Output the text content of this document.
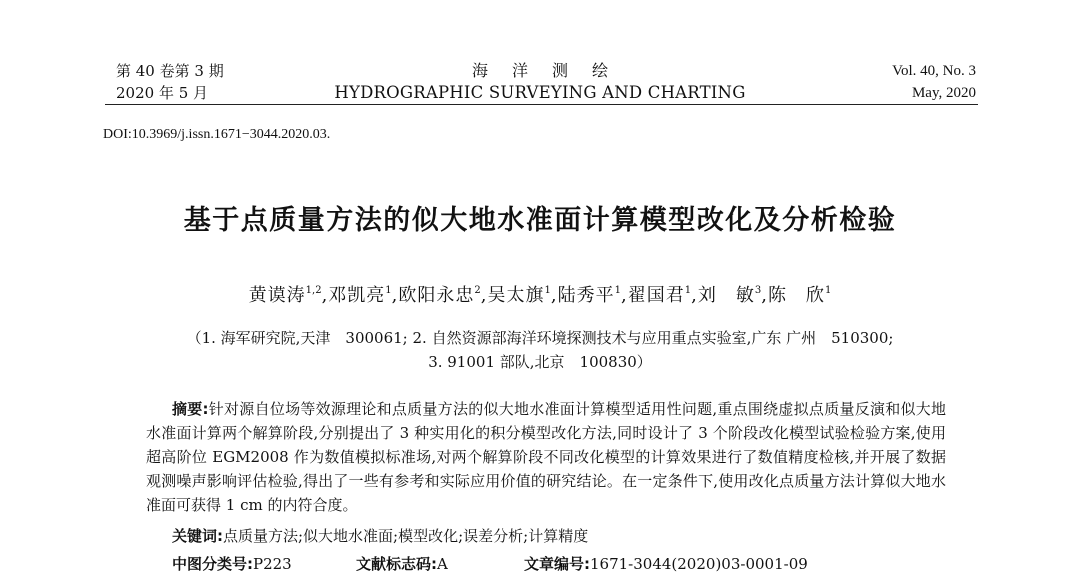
第 40 卷第 3 期
2020 年 5 月
海洋测绘
HYDROGRAPHIC SURVEYING AND CHARTING
Vol. 40, No. 3
May, 2020
DOI:10.3969/j.issn.1671−3044.2020.03.
基于点质量方法的似大地水准面计算模型改化及分析检验
黄谟涛$^{1,2}$,邓凯亮$^1$,欧阳永忠$^2$,吴太旗$^1$,陆秀平$^1$,翟国君$^1$,刘　敏$^3$,陈　欣$^1$
（1. 海军研究院,天津　300061; 2. 自然资源部海洋环境探测技术与应用重点实验室,广东 广州　510300;
3. 91001 部队,北京　100830）
摘要:针对源自位场等效源理论和点质量方法的似大地水准面计算模型适用性问题,重点围绕虚拟点质量反演和似大地水准面计算两个解算阶段,分别提出了 3 种实用化的积分模型改化方法,同时设计了 3 个阶段改化模型试验检验方案,使用超高阶位 EGM2008 作为数值模拟标准场,对两个解算阶段不同改化模型的计算效果进行了数值精度检核,并开展了数据观测噪声影响评估检验,得出了一些有参考和实际应用价值的研究结论。在一定条件下,使用改化点质量方法计算似大地水准面可获得 1 cm 的内符合度。
关键词:点质量方法;似大地水准面;模型改化;误差分析;计算精度
中图分类号:P223	文献标志码:A	文章编号:1671-3044(2020)03-0001-09
